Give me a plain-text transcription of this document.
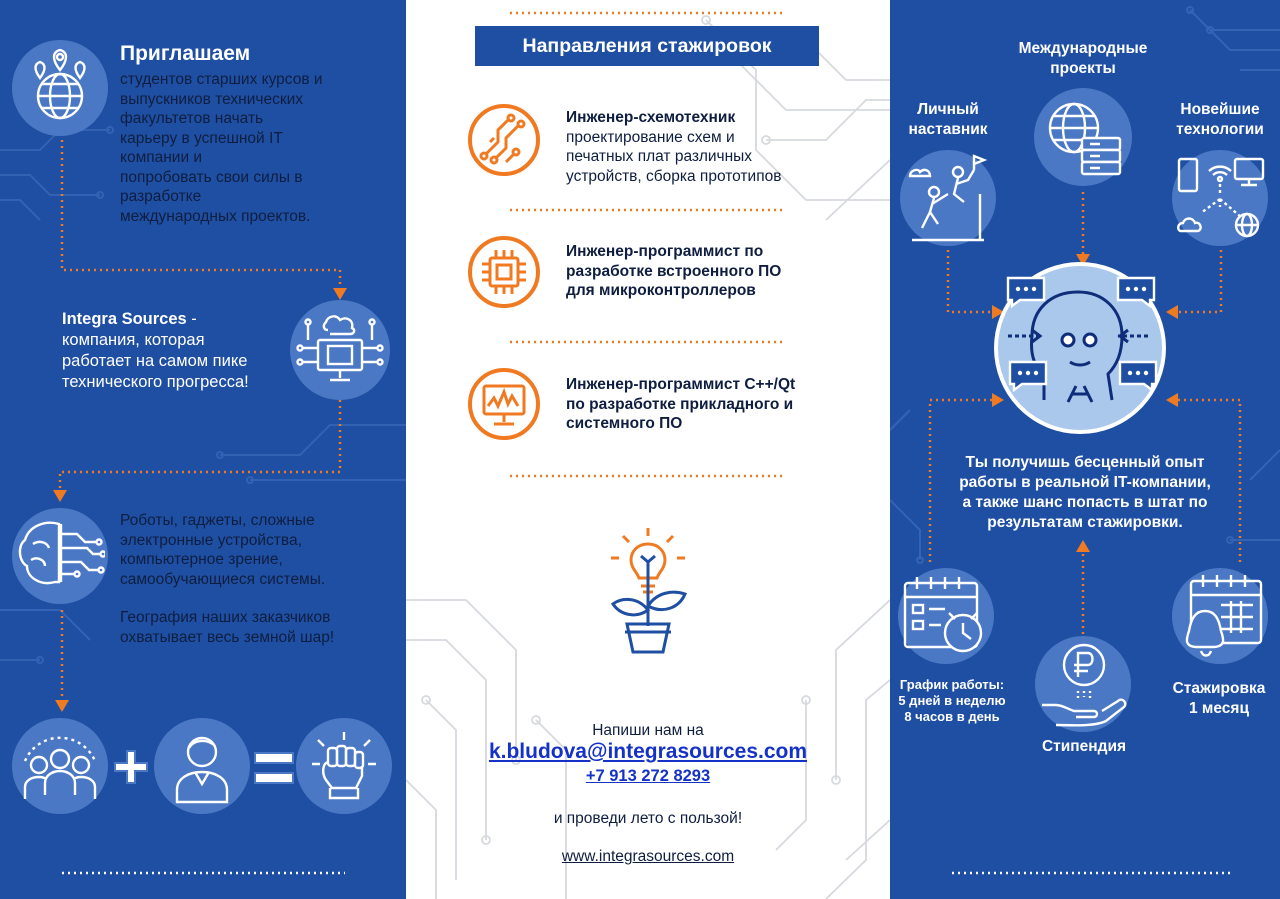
Приглашаем
студентов старших курсов и
выпускников технических
факультетов начать
карьеру в успешной IT
компании и
попробовать свои силы в
разработке
международных проектов.
Integra Sources -
компания, которая
работает на самом пике
технического прогресса!
Роботы, гаджеты, сложные
электронные устройства,
компьютерное зрение,
самообучающиеся системы.
География наших заказчиков
охватывает весь земной шар!
Направления стажировок
Инженер-схемотехник
проектирование схем и
печатных плат различных
устройств, сборка прототипов
Инженер-программист по
разработке встроенного ПО
для микроконтроллеров
Инженер-программист C++/Qt
по разработке прикладного и
системного ПО
Напиши нам на
k.bludova@integrasources.com
+7 913 272 8293
и проведи лето с пользой!
www.integrasources.com
Международные
проекты
Личный
наставник
Новейшие
технологии
Ты получишь бесценный опыт
работы в реальной IT-компании,
а также шанс попасть в штат по
результатам стажировки.
График работы:
5 дней в неделю
8 часов в день
Стипендия
Стажировка
1 месяц
